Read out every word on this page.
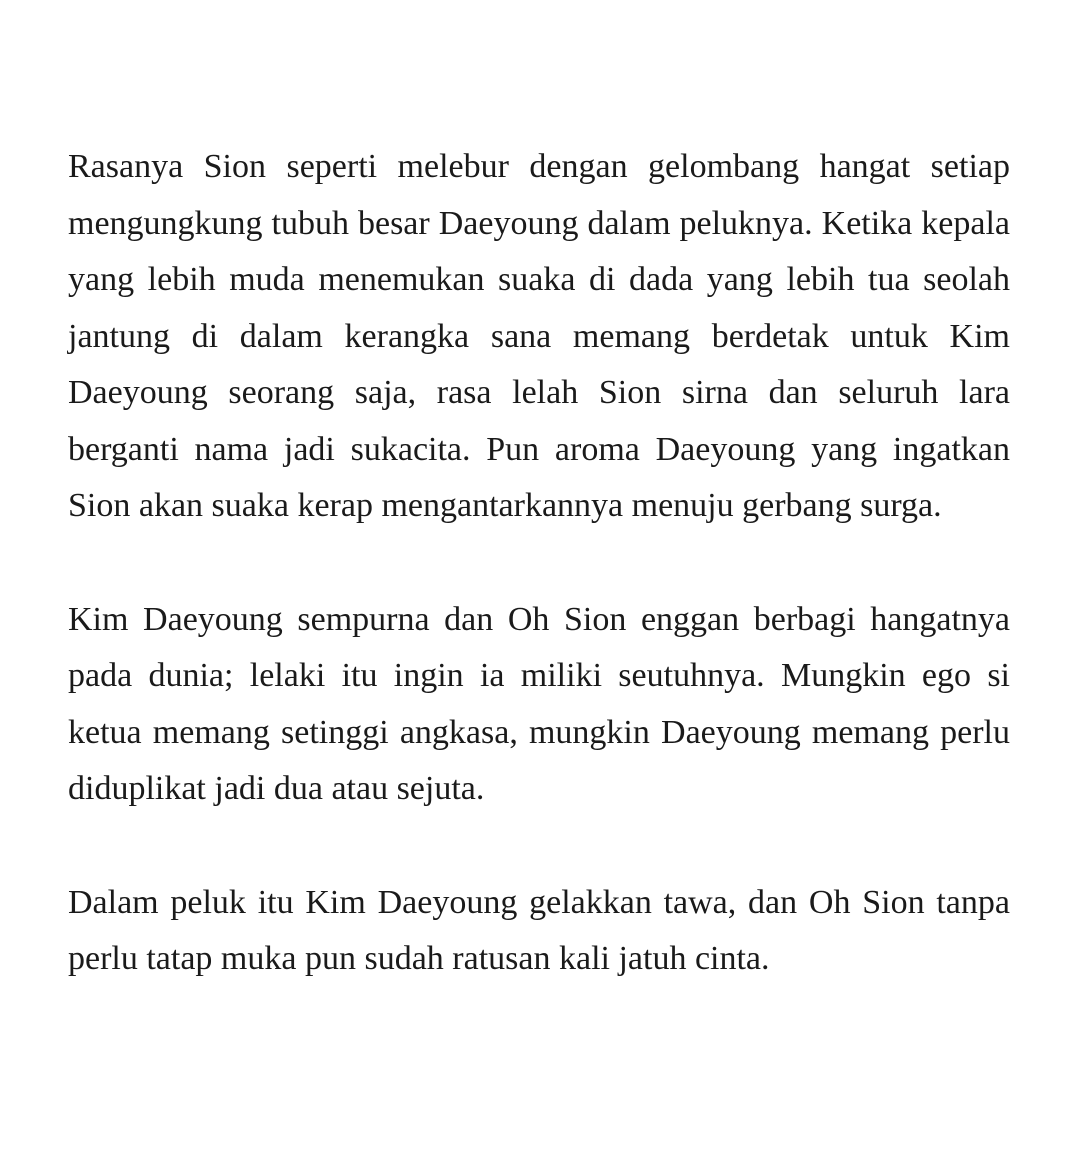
Rasanya Sion seperti melebur dengan gelombang hangat setiap mengungkung tubuh besar Daeyoung dalam peluknya. Ketika kepala yang lebih muda menemukan suaka di dada yang lebih tua seolah jantung di dalam kerangka sana memang berdetak untuk Kim Daeyoung seorang saja, rasa lelah Sion sirna dan seluruh lara berganti nama jadi sukacita. Pun aroma Daeyoung yang ingatkan Sion akan suaka kerap mengantarkannya menuju gerbang surga.

Kim Daeyoung sempurna dan Oh Sion enggan berbagi hangatnya pada dunia; lelaki itu ingin ia miliki seutuhnya. Mungkin ego si ketua memang setinggi angkasa, mungkin Daeyoung memang perlu diduplikat jadi dua atau sejuta.

Dalam peluk itu Kim Daeyoung gelakkan tawa, dan Oh Sion tanpa perlu tatap muka pun sudah ratusan kali jatuh cinta.
